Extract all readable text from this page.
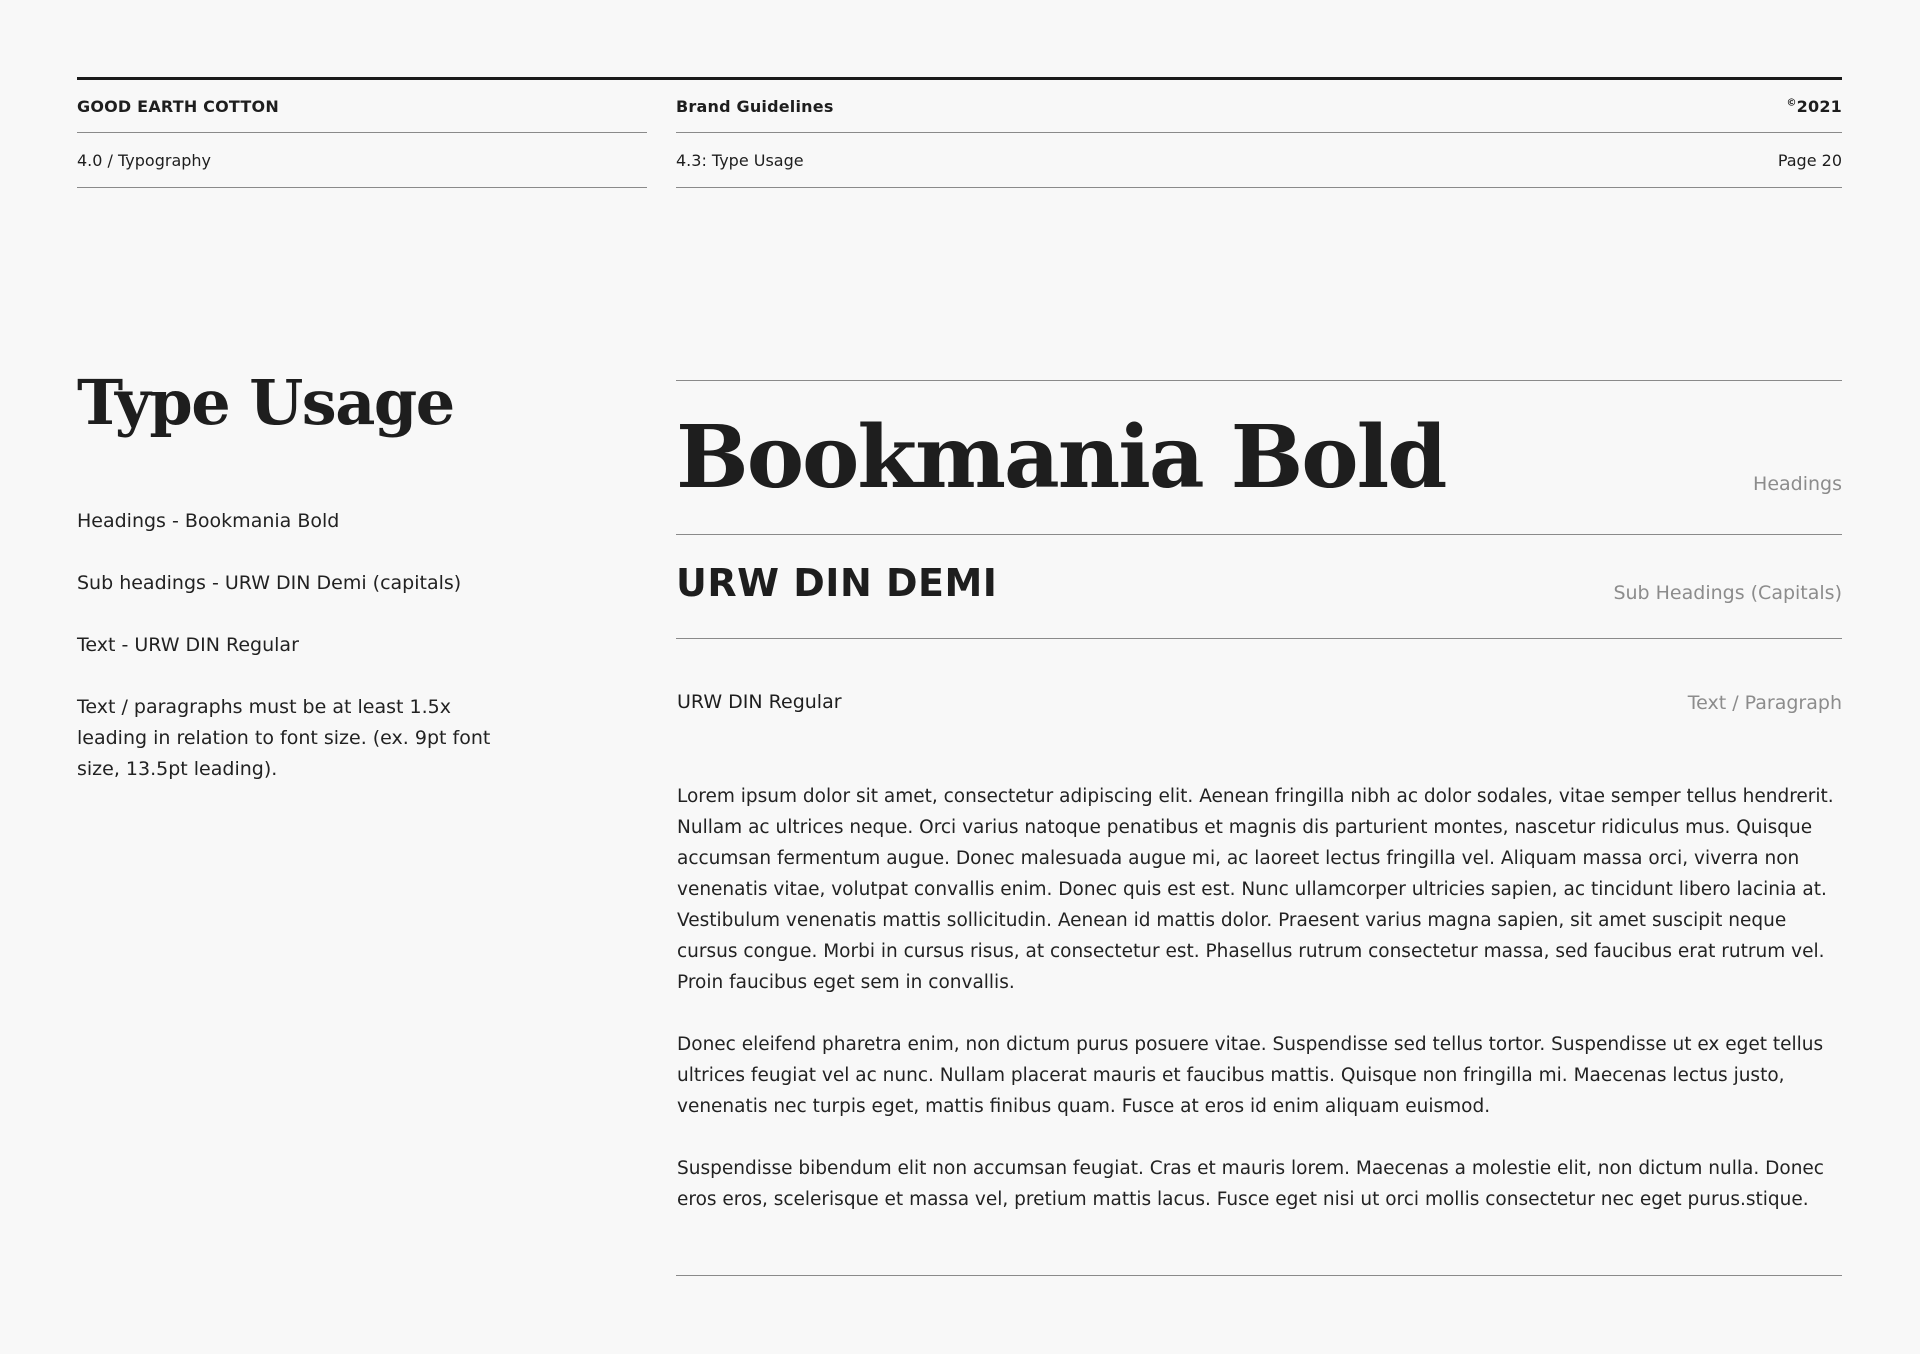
GOOD EARTH COTTON
4.0 / Typography
Brand Guidelines	©2021
4.3: Type Usage	Page 20
Type Usage
Headings - Bookmania Bold
Sub headings - URW DIN Demi (capitals)
Text - URW DIN Regular
Text / paragraphs must be at least 1.5x leading in relation to font size. (ex. 9pt font size, 13.5pt leading).
Bookmania Bold	Headings
URW DIN DEMI	Sub Headings (Capitals)
URW DIN Regular	Text / Paragraph
Lorem ipsum dolor sit amet, consectetur adipiscing elit. Aenean fringilla nibh ac dolor sodales, vitae semper tellus hendrerit. Nullam ac ultrices neque. Orci varius natoque penatibus et magnis dis parturient montes, nascetur ridiculus mus. Quisque accumsan fermentum augue. Donec malesuada augue mi, ac laoreet lectus fringilla vel. Aliquam massa orci, viverra non venenatis vitae, volutpat convallis enim. Donec quis est est. Nunc ullamcorper ultricies sapien, ac tincidunt libero lacinia at. Vestibulum venenatis mattis sollicitudin. Aenean id mattis dolor. Praesent varius magna sapien, sit amet suscipit neque cursus congue. Morbi in cursus risus, at consectetur est. Phasellus rutrum consectetur massa, sed faucibus erat rutrum vel. Proin faucibus eget sem in convallis.
Donec eleifend pharetra enim, non dictum purus posuere vitae. Suspendisse sed tellus tortor. Suspendisse ut ex eget tellus ultrices feugiat vel ac nunc. Nullam placerat mauris et faucibus mattis. Quisque non fringilla mi. Maecenas lectus justo, venenatis nec turpis eget, mattis finibus quam. Fusce at eros id enim aliquam euismod.
Suspendisse bibendum elit non accumsan feugiat. Cras et mauris lorem. Maecenas a molestie elit, non dictum nulla. Donec eros eros, scelerisque et massa vel, pretium mattis lacus. Fusce eget nisi ut orci mollis consectetur nec eget purus.stique.
